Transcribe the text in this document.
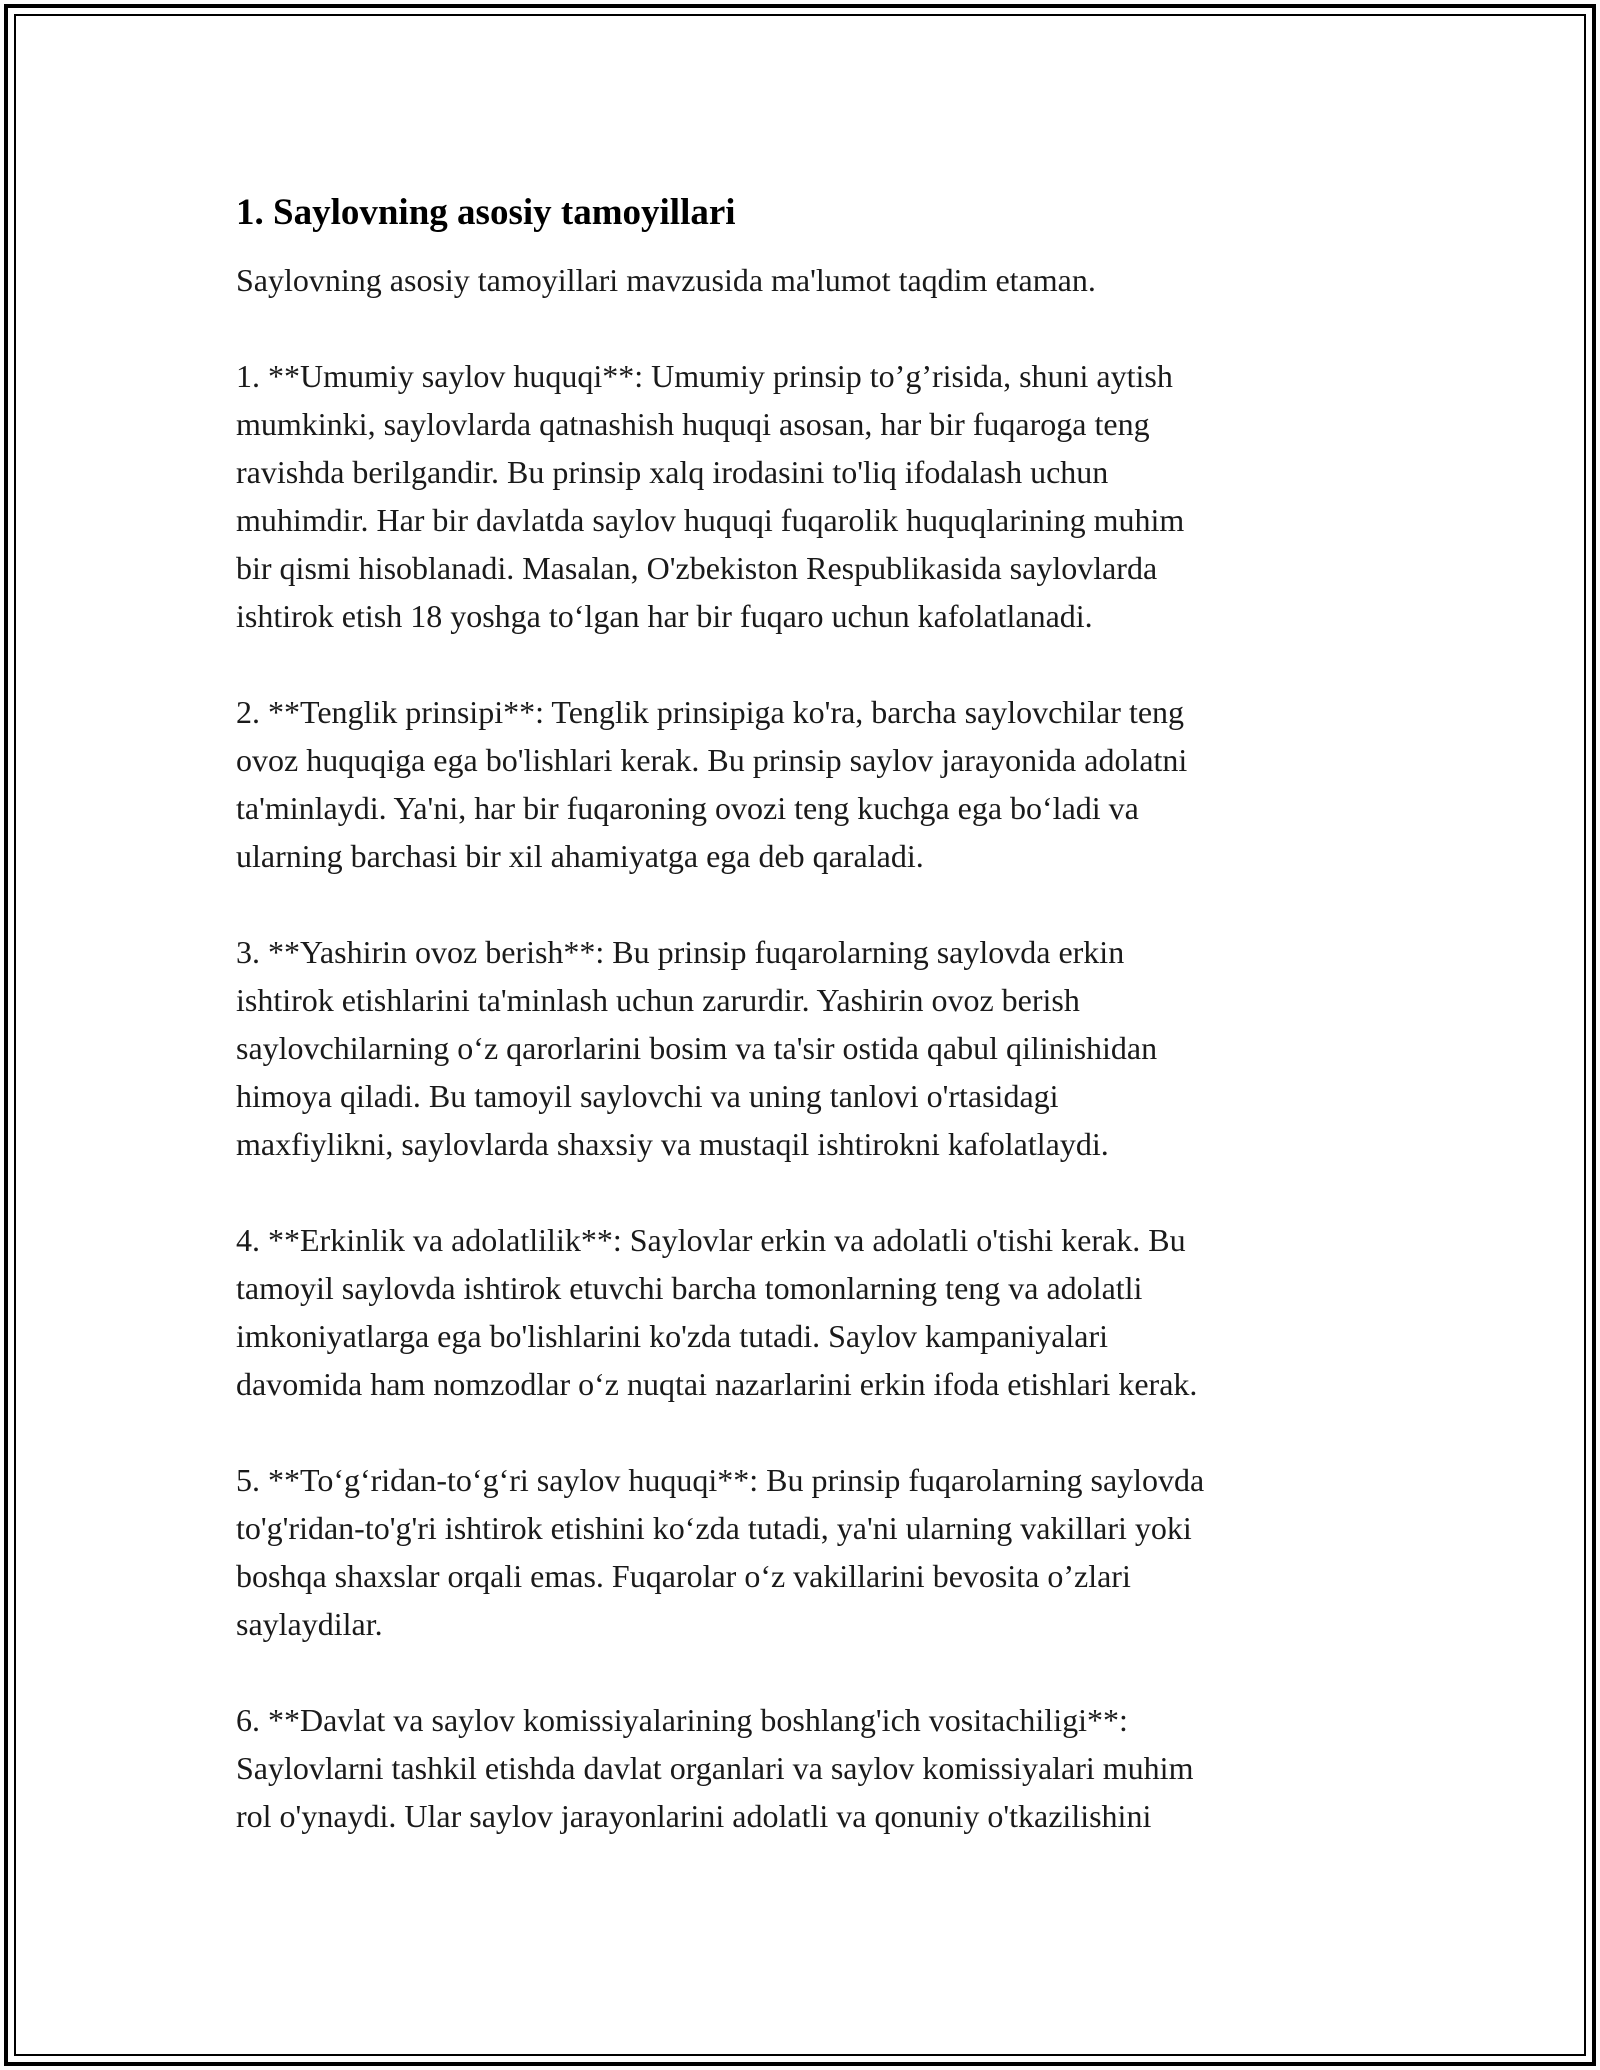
1. Saylovning asosiy tamoyillari

Saylovning asosiy tamoyillari mavzusida ma'lumot taqdim etaman.

1. **Umumiy saylov huquqi**: Umumiy prinsip to’g’risida, shuni aytish
mumkinki, saylovlarda qatnashish huquqi asosan, har bir fuqaroga teng
ravishda berilgandir. Bu prinsip xalq irodasini to'liq ifodalash uchun
muhimdir. Har bir davlatda saylov huquqi fuqarolik huquqlarining muhim
bir qismi hisoblanadi. Masalan, O'zbekiston Respublikasida saylovlarda
ishtirok etish 18 yoshga to‘lgan har bir fuqaro uchun kafolatlanadi.

2. **Tenglik prinsipi**: Tenglik prinsipiga ko'ra, barcha saylovchilar teng
ovoz huquqiga ega bo'lishlari kerak. Bu prinsip saylov jarayonida adolatni
ta'minlaydi. Ya'ni, har bir fuqaroning ovozi teng kuchga ega bo‘ladi va
ularning barchasi bir xil ahamiyatga ega deb qaraladi.

3. **Yashirin ovoz berish**: Bu prinsip fuqarolarning saylovda erkin
ishtirok etishlarini ta'minlash uchun zarurdir. Yashirin ovoz berish
saylovchilarning o‘z qarorlarini bosim va ta'sir ostida qabul qilinishidan
himoya qiladi. Bu tamoyil saylovchi va uning tanlovi o'rtasidagi
maxfiylikni, saylovlarda shaxsiy va mustaqil ishtirokni kafolatlaydi.

4. **Erkinlik va adolatlilik**: Saylovlar erkin va adolatli o'tishi kerak. Bu
tamoyil saylovda ishtirok etuvchi barcha tomonlarning teng va adolatli
imkoniyatlarga ega bo'lishlarini ko'zda tutadi. Saylov kampaniyalari
davomida ham nomzodlar o‘z nuqtai nazarlarini erkin ifoda etishlari kerak.

5. **To‘g‘ridan-to‘g‘ri saylov huquqi**: Bu prinsip fuqarolarning saylovda
to'g'ridan-to'g'ri ishtirok etishini ko‘zda tutadi, ya'ni ularning vakillari yoki
boshqa shaxslar orqali emas. Fuqarolar o‘z vakillarini bevosita o’zlari
saylaydilar.

6. **Davlat va saylov komissiyalarining boshlang'ich vositachiligi**:
Saylovlarni tashkil etishda davlat organlari va saylov komissiyalari muhim
rol o'ynaydi. Ular saylov jarayonlarini adolatli va qonuniy o'tkazilishini
